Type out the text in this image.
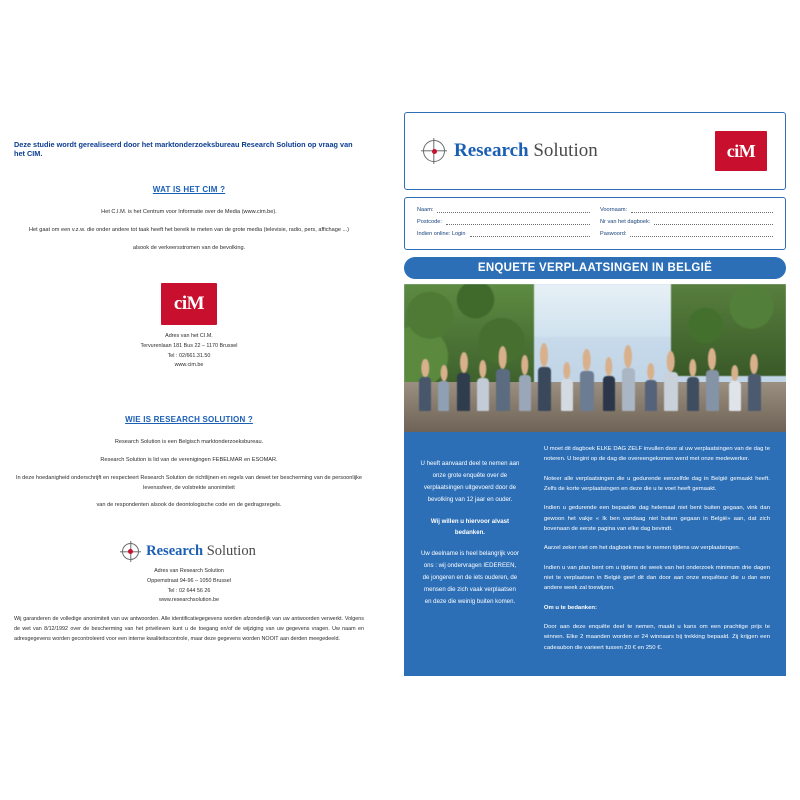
Deze studie wordt gerealiseerd door het marktonderzoeksbureau Research Solution op vraag van het CIM.
WAT IS HET CIM ?

Het C.I.M. is het Centrum voor Informatie over de Media (www.cim.be).

Het gaat om een v.z.w. die onder andere tot taak heeft het bereik te meten van de grote media (televisie, radio, pers, affichage ...)

alsook de verkeersstromen van de bevolking.

ciM
Adres van het CI.M.
Tervurenlaan 181 Bus 22 – 1170 Brussel
Tel : 02/661.31.50
www.cim.be
WIE IS RESEARCH SOLUTION ?

Research Solution is een Belgisch marktonderzoeksbureau.

Research Solution is lid van de verenigingen FEBELMAR en ESOMAR.

In deze hoedanigheid onderschrijft en respecteert Research Solution de richtlijnen en regels van dewet ter bescherming van de persoonlijke levenssfeer, de volstrekte anonimiteit

van de respondenten alsook de deontologische code en de gedragsregels.

Research Solution
Adres van Research Solution
Oppemstraat 94-96 – 1050 Brussel
Tel : 02 644 56 26
www.researchsolution.be
Wij garanderen de volledige anonimiteit van uw antwoorden. Alle identificatiegegevens worden afzonderlijk van uw antwoorden verwerkt. Volgens de wet van 8/12/1992 over de bescherming van het privéleven kunt u de toegang en/of de wijziging van uw gegevens vragen. Uw naam en adresgegevens worden gecontroleerd voor een interne kwaliteitscontrole, maar deze gegevens worden NOOIT aan derden meegedeeld.
Research Solution	ciM
Naam:	Voornaam:
Postcode:	Nr van het dagboek:
Indien online: Login	Paswoord:
ENQUETE VERPLAATSINGEN IN BELGIË
U heeft aanvaard deel te nemen aan onze grote enquête over de verplaatsingen uitgevoerd door de bevolking van 12 jaar en ouder.
Wij willen u hiervoor alvast bedanken.
Uw deelname is heel belangrijk voor ons : wij ondervragen IEDEREEN, de jongeren en de iets ouderen, de mensen die zich vaak verplaatsen en deze die weinig buiten komen.

U moet dit dagboek ELKE DAG ZELF invullen door al uw verplaatsingen van de dag te noteren. U begint op de dag die overeengekomen werd met onze medewerker.

Noteer alle verplaatsingen die u gedurende eenzelfde dag in België gemaakt heeft. Zelfs de korte verplaatsingen en deze die u te voet heeft gemaakt.

Indien u gedurende een bepaalde dag helemaal niet bent buiten gegaan, vink dan gewoon het vakje « Ik ben vandaag niet buiten gegaan in België» aan, dat zich bovenaan de eerste pagina van elke dag bevindt.

Aarzel zeker niet om het dagboek mee te nemen tijdens uw verplaatsingen.

Indien u van plan bent om u tijdens de week van het onderzoek minimum drie dagen niet te verplaatsen in België geef dit dan door aan onze enquêteur die u dan een andere week zal toewijzen.

Om u te bedanken:

Door aan deze enquête deel te nemen, maakt u kans om een prachtige prijs te winnen. Elke 2 maanden worden er 24 winnaars bij trekking bepaald. Zij krijgen een cadeaubon die varieert tussen 20 € en 250 €.
